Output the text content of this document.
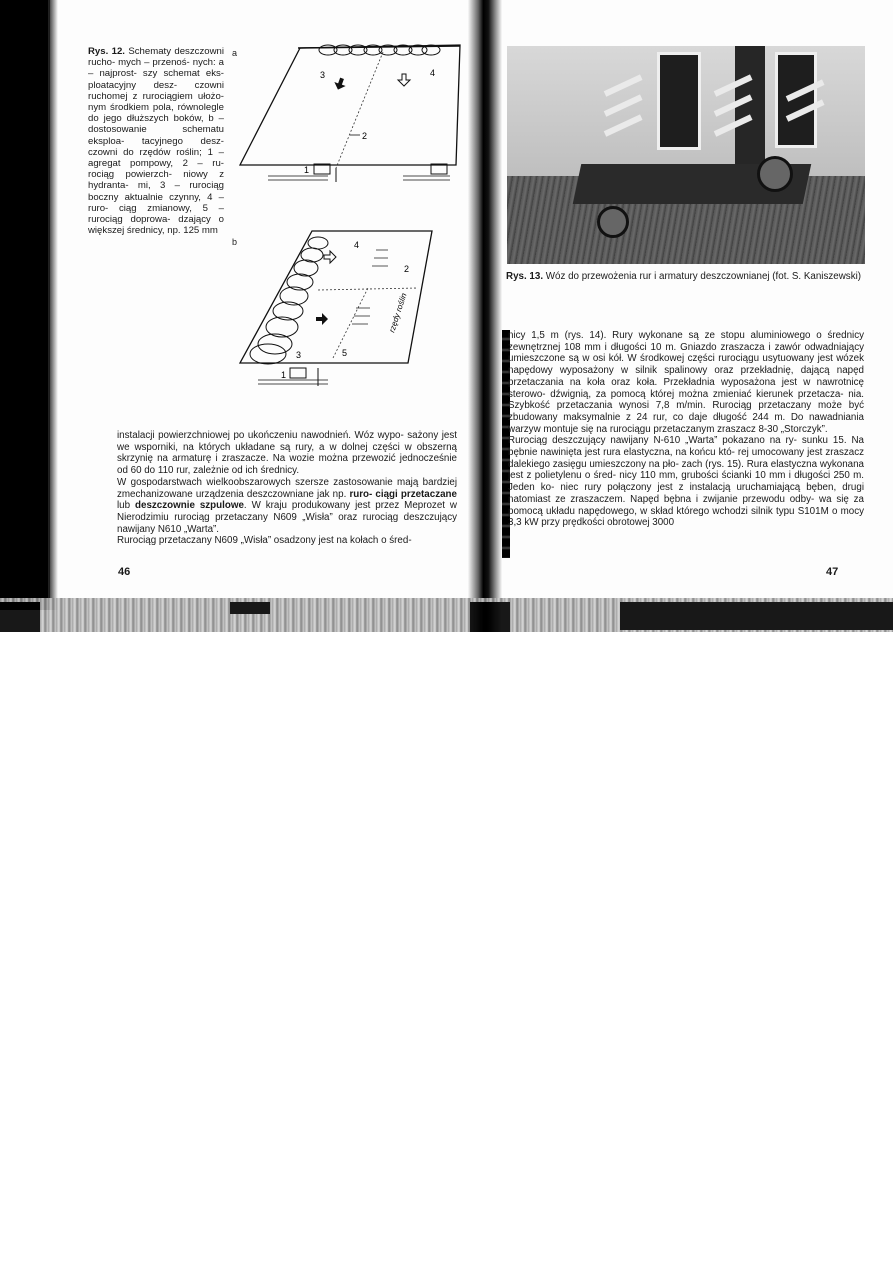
Rys. 12. Schematy deszczowni rucho- mych – przenoś- nych: a – najprost- szy schemat eks- ploatacyjny desz- czowni ruchomej z rurociągiem ułożo- nym środkiem pola, równolegle do jego dłuższych boków, b – dostosowanie schematu eksploa- tacyjnego desz- czowni do rzędów roślin; 1 – agregat pompowy, 2 – ru- rociąg powierzch- niowy z hydranta- mi, 3 – rurociąg boczny aktualnie czynny, 4 – ruro- ciąg zmianowy, 5 – rurociąg doprowa- dzający o większej średnicy, np. 125 mm
a
b
3	4
2
1
rzędy roślin
4
2
3	5
1

instalacji powierzchniowej po ukończeniu nawodnień. Wóz wypo- sażony jest we wsporniki, na których układane są rury, a w dolnej części w obszerną skrzynię na armaturę i zraszacze. Na wozie można przewozić jednocześnie od 60 do 110 rur, zależnie od ich średnicy.

W gospodarstwach wielkoobszarowych szersze zastosowanie mają bardziej zmechanizowane urządzenia deszczowniane jak np. ruro- ciągi przetaczane lub deszczownie szpulowe. W kraju produkowany jest przez Meprozet w Nierodzimiu rurociąg przetaczany N609 „Wisła” oraz rurociąg deszczujący nawijany N610 „Warta”.

Rurociąg przetaczany N609 „Wisła” osadzony jest na kołach o śred-

46
Rys. 13. Wóz do przewożenia rur i armatury deszczownianej (fot. S. Kaniszewski)

nicy 1,5 m (rys. 14). Rury wykonane są ze stopu aluminiowego o średnicy zewnętrznej 108 mm i długości 10 m. Gniazdo zraszacza i zawór odwadniający umieszczone są w osi kół. W środkowej części rurociągu usytuowany jest wózek napędowy wyposażony w silnik spalinowy oraz przekładnię, dającą napęd przetaczania na koła oraz koła. Przekładnia wyposażona jest w nawrotnicę sterowo- dźwignią, za pomocą której można zmieniać kierunek przetacza- nia. Szybkość przetaczania wynosi 7,8 m/min. Rurociąg przetaczany może być zbudowany maksymalnie z 24 rur, co daje długość 244 m. Do nawadniania warzyw montuje się na rurociągu przetaczanym zraszacz 8-30 „Storczyk”.

Rurociąg deszczujący nawijany N-610 „Warta” pokazano na ry- sunku 15. Na bębnie nawinięta jest rura elastyczna, na końcu któ- rej umocowany jest zraszacz dalekiego zasięgu umieszczony na pło- zach (rys. 15). Rura elastyczna wykonana jest z polietylenu o śred- nicy 110 mm, grubości ścianki 10 mm i długości 250 m. Jeden ko- niec rury połączony jest z instalacją uruchamiającą bęben, drugi natomiast ze zraszaczem. Napęd bębna i zwijanie przewodu odby- wa się za pomocą układu napędowego, w skład którego wchodzi silnik typu S101M o mocy 3,3 kW przy prędkości obrotowej 3000

47
